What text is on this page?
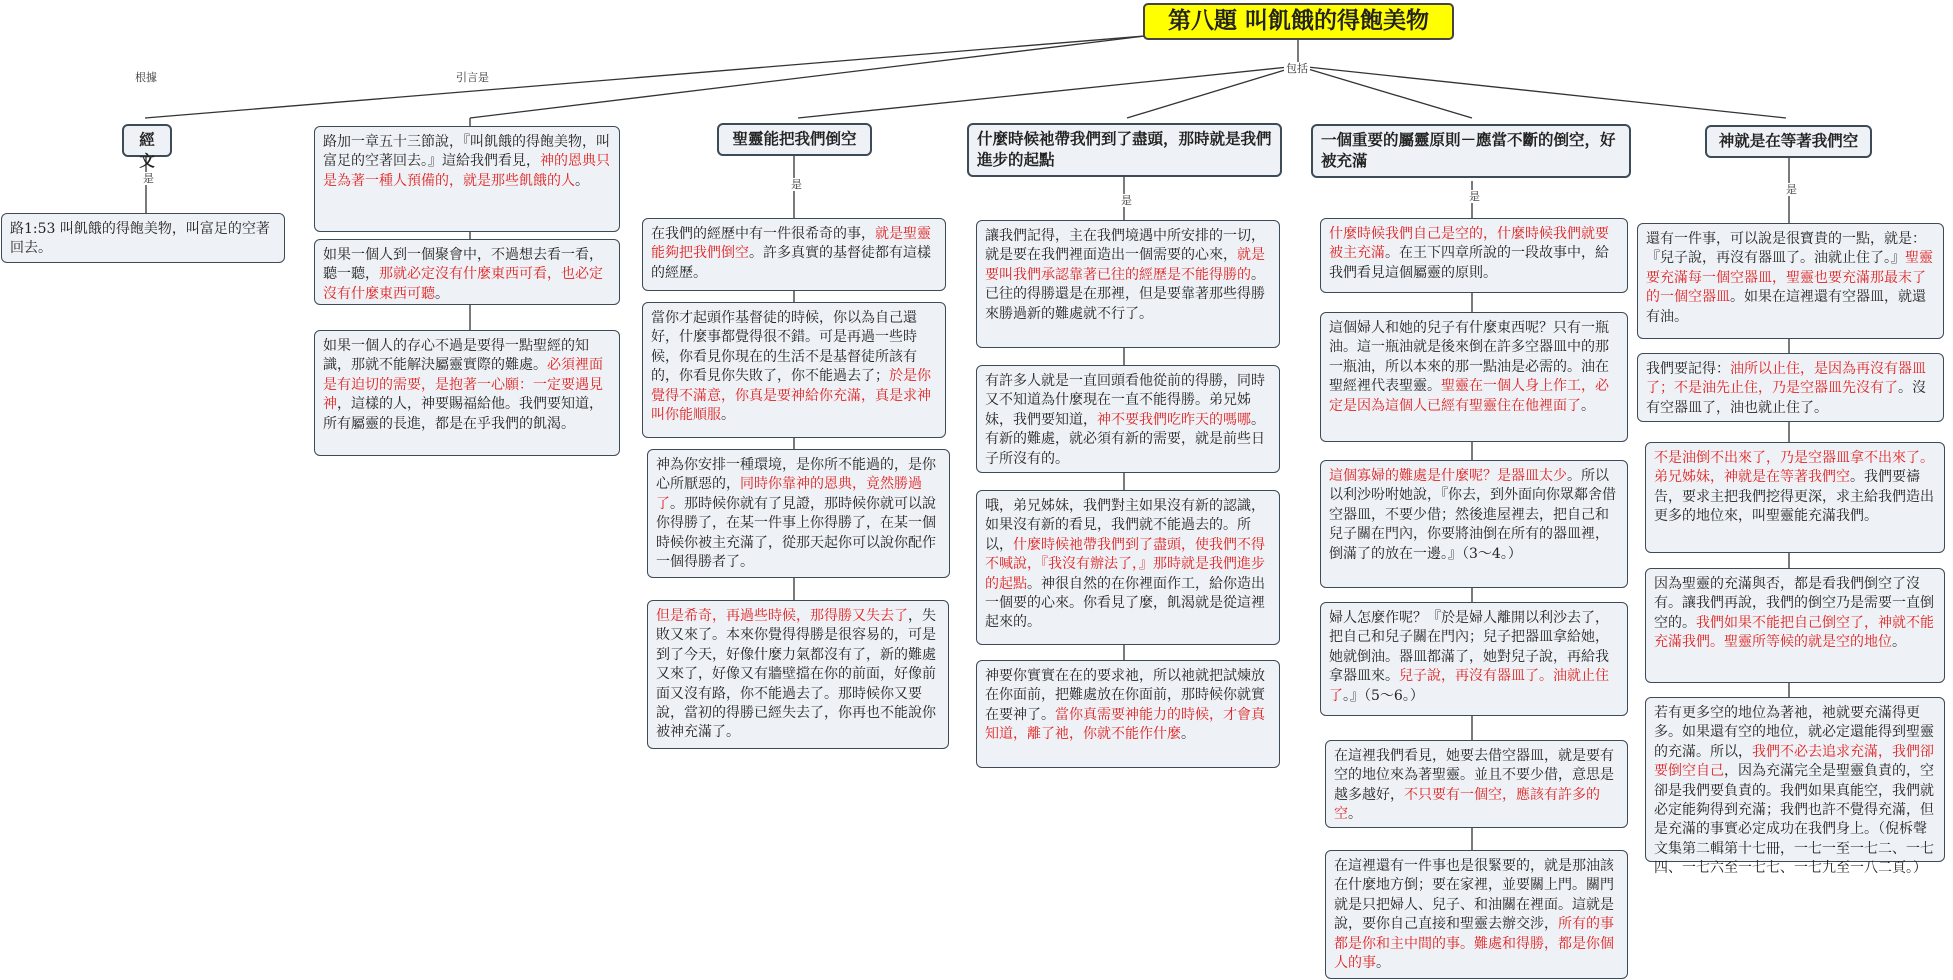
根據	引言是
包括
是	是
是	是
是
第八題 叫飢餓的得飽美物
經文
聖靈能把我們倒空	什麼時候祂帶我們到了盡頭，那時就是我們進步的起點
一個重要的屬靈原則－應當不斷的倒空，好被充滿
神就是在等著我們空
路1:53 叫飢餓的得飽美物，叫富足的空著回去。
路加一章五十三節說，『叫飢餓的得飽美物，叫富足的空著回去。』這給我們看見，神的恩典只是為著一種人預備的，就是那些飢餓的人。
如果一個人到一個聚會中，不過想去看一看，聽一聽，那就必定沒有什麼東西可看，也必定沒有什麼東西可聽。
如果一個人的存心不過是要得一點聖經的知識，那就不能解決屬靈實際的難處。必須裡面是有迫切的需要，是抱著一心願：一定要遇見神，這樣的人，神要賜福給他。我們要知道，所有屬靈的長進，都是在乎我們的飢渴。
在我們的經歷中有一件很希奇的事，就是聖靈能夠把我們倒空。許多真實的基督徒都有這樣的經歷。
當你才起頭作基督徒的時候，你以為自己還好，什麼事都覺得很不錯。可是再過一些時候，你看見你現在的生活不是基督徒所該有的，你看見你失敗了，你不能過去了；於是你覺得不滿意，你真是要神給你充滿，真是求神叫你能順服。
神為你安排一種環境，是你所不能過的，是你心所厭惡的，同時你靠神的恩典，竟然勝過了。那時候你就有了見證，那時候你就可以說你得勝了，在某一件事上你得勝了，在某一個時候你被主充滿了，從那天起你可以說你配作一個得勝者了。
但是希奇，再過些時候，那得勝又失去了，失敗又來了。本來你覺得得勝是很容易的，可是到了今天，好像什麼力氣都沒有了，新的難處又來了，好像又有牆壁擋在你的前面，好像前面又沒有路，你不能過去了。那時候你又要說，當初的得勝已經失去了，你再也不能說你被神充滿了。
讓我們記得，主在我們境遇中所安排的一切，就是要在我們裡面造出一個需要的心來，就是要叫我們承認靠著已往的經歷是不能得勝的。已往的得勝還是在那裡，但是要靠著那些得勝來勝過新的難處就不行了。
有許多人就是一直回頭看他從前的得勝，同時又不知道為什麼現在一直不能得勝。弟兄姊妹，我們要知道，神不要我們吃昨天的嗎哪。有新的難處，就必須有新的需要，就是前些日子所沒有的。
哦，弟兄姊妹，我們對主如果沒有新的認識，如果沒有新的看見，我們就不能過去的。所以，什麼時候祂帶我們到了盡頭，使我們不得不喊說，『我沒有辦法了，』那時就是我們進步的起點。神很自然的在你裡面作工，給你造出一個要的心來。你看見了麼，飢渴就是從這裡起來的。
神要你實實在在的要求祂，所以祂就把試煉放在你面前，把難處放在你面前，那時候你就實在要神了。當你真需要神能力的時候，才會真知道，離了祂，你就不能作什麼。
什麼時候我們自己是空的，什麼時候我們就要被主充滿。在王下四章所說的一段故事中，給我們看見這個屬靈的原則。
這個婦人和她的兒子有什麼東西呢？只有一瓶油。這一瓶油就是後來倒在許多空器皿中的那一瓶油，所以本來的那一點油是必需的。油在聖經裡代表聖靈。聖靈在一個人身上作工，必定是因為這個人已經有聖靈住在他裡面了。
這個寡婦的難處是什麼呢？是器皿太少。所以以利沙吩咐她說，『你去，到外面向你眾鄰舍借空器皿，不要少借；然後進屋裡去，把自己和兒子關在門內，你要將油倒在所有的器皿裡，倒滿了的放在一邊。』（3～4。）
婦人怎麼作呢？『於是婦人離開以利沙去了，把自己和兒子關在門內；兒子把器皿拿給她，她就倒油。器皿都滿了，她對兒子說，再給我拿器皿來。兒子說，再沒有器皿了。油就止住了。』（5～6。）
在這裡我們看見，她要去借空器皿，就是要有空的地位來為著聖靈。並且不要少借，意思是越多越好，不只要有一個空，應該有許多的空。
在這裡還有一件事也是很緊要的，就是那油該在什麼地方倒；要在家裡，並要關上門。關門就是只把婦人、兒子、和油關在裡面。這就是說，要你自己直接和聖靈去辦交涉，所有的事都是你和主中間的事。難處和得勝，都是你個人的事。
還有一件事，可以說是很寶貴的一點，就是：『兒子說，再沒有器皿了。油就止住了。』聖靈要充滿每一個空器皿，聖靈也要充滿那最末了的一個空器皿。如果在這裡還有空器皿，就還有油。
我們要記得：油所以止住，是因為再沒有器皿了；不是油先止住，乃是空器皿先沒有了。沒有空器皿了，油也就止住了。
不是油倒不出來了，乃是空器皿拿不出來了。弟兄姊妹，神就是在等著我們空。我們要禱告，要求主把我們挖得更深，求主給我們造出更多的地位來，叫聖靈能充滿我們。
因為聖靈的充滿與否，都是看我們倒空了沒有。讓我們再說，我們的倒空乃是需要一直倒空的。我們如果不能把自己倒空了，神就不能充滿我們。聖靈所等候的就是空的地位。
若有更多空的地位為著祂，祂就要充滿得更多。如果還有空的地位，就必定還能得到聖靈的充滿。所以，我們不必去追求充滿，我們卻要倒空自己，因為充滿完全是聖靈負責的，空卻是我們要負責的。我們如果真能空，我們就必定能夠得到充滿；我們也許不覺得充滿，但是充滿的事實必定成功在我們身上。（倪柝聲文集第二輯第十七冊，一七一至一七二、一七四、一七六至一七七、一七九至一八二頁。）
